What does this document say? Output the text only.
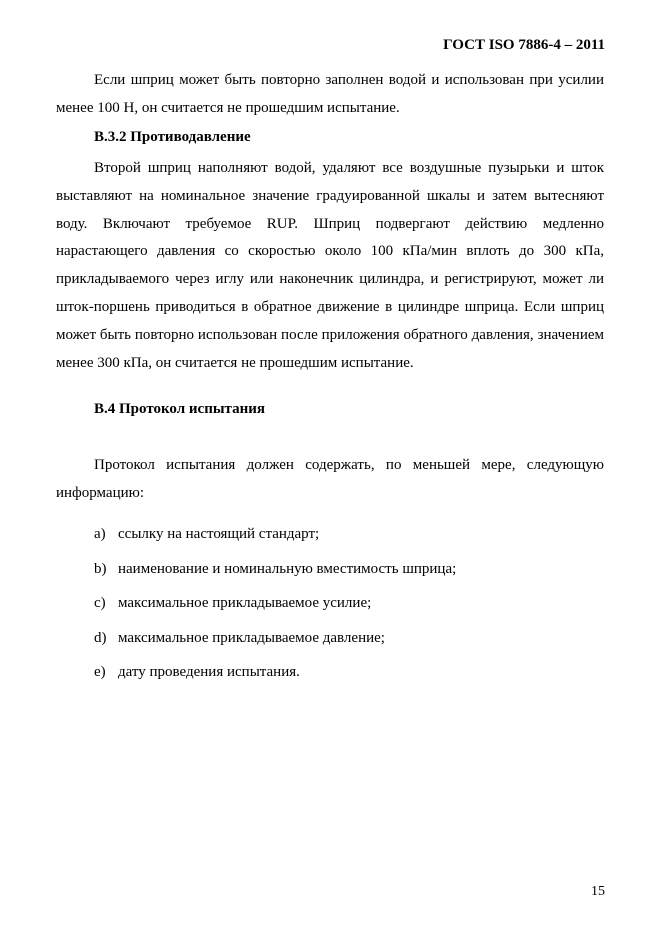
ГОСТ ISO 7886-4 – 2011

Если шприц может быть повторно заполнен водой и использован при усилии менее 100 Н, он считается не прошедшим испытание.

В.3.2 Противодавление

Второй шприц наполняют водой, удаляют все воздушные пузырьки и шток выставляют на номинальное значение градуированной шкалы и затем вытесняют воду. Включают требуемое RUP. Шприц подвергают действию медленно нарастающего давления со скоростью около 100 кПа/мин вплоть до 300 кПа, прикладываемого через иглу или наконечник цилиндра, и регистрируют, может ли шток-поршень приводиться в обратное движение в цилиндре шприца. Если шприц может быть повторно использован после приложения обратного давления, значением менее 300 кПа, он считается не прошедшим испытание.

В.4 Протокол испытания

Протокол испытания должен содержать, по меньшей мере, следующую информацию:

a) ссылку на настоящий стандарт;
b) наименование и номинальную вместимость шприца;
c) максимальное прикладываемое усилие;
d) максимальное прикладываемое давление;
e) дату проведения испытания.
15
